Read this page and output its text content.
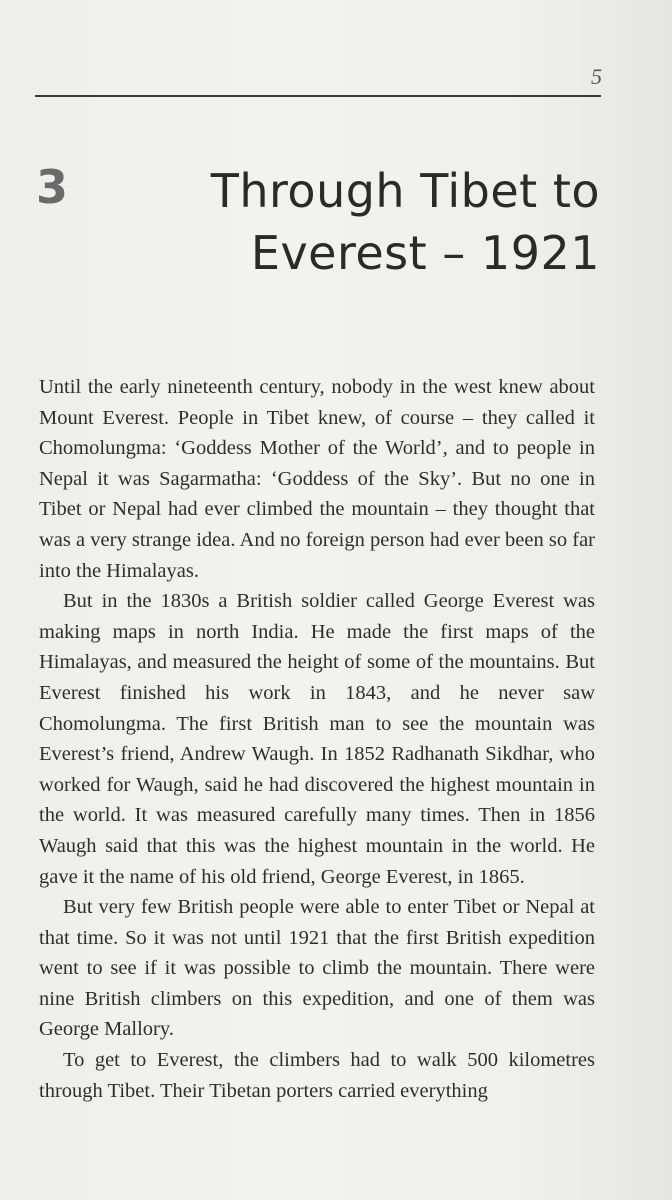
5
3	Through Tibet to
Everest – 1921

Until the early nineteenth century, nobody in the west knew about Mount Everest. People in Tibet knew, of course – they called it Chomolungma: ‘Goddess Mother of the World’, and to people in Nepal it was Sagarmatha: ‘Goddess of the Sky’. But no one in Tibet or Nepal had ever climbed the mountain – they thought that was a very strange idea. And no foreign person had ever been so far into the Himalayas.

But in the 1830s a British soldier called George Everest was making maps in north India. He made the first maps of the Himalayas, and measured the height of some of the mountains. But Everest finished his work in 1843, and he never saw Chomolungma. The first British man to see the mountain was Everest’s friend, Andrew Waugh. In 1852 Radhanath Sikdhar, who worked for Waugh, said he had discovered the highest mountain in the world. It was measured carefully many times. Then in 1856 Waugh said that this was the highest mountain in the world. He gave it the name of his old friend, George Everest, in 1865.

But very few British people were able to enter Tibet or Nepal at that time. So it was not until 1921 that the first British expedition went to see if it was possible to climb the mountain. There were nine British climbers on this expedition, and one of them was George Mallory.

To get to Everest, the climbers had to walk 500 kilometres through Tibet. Their Tibetan porters carried everything
